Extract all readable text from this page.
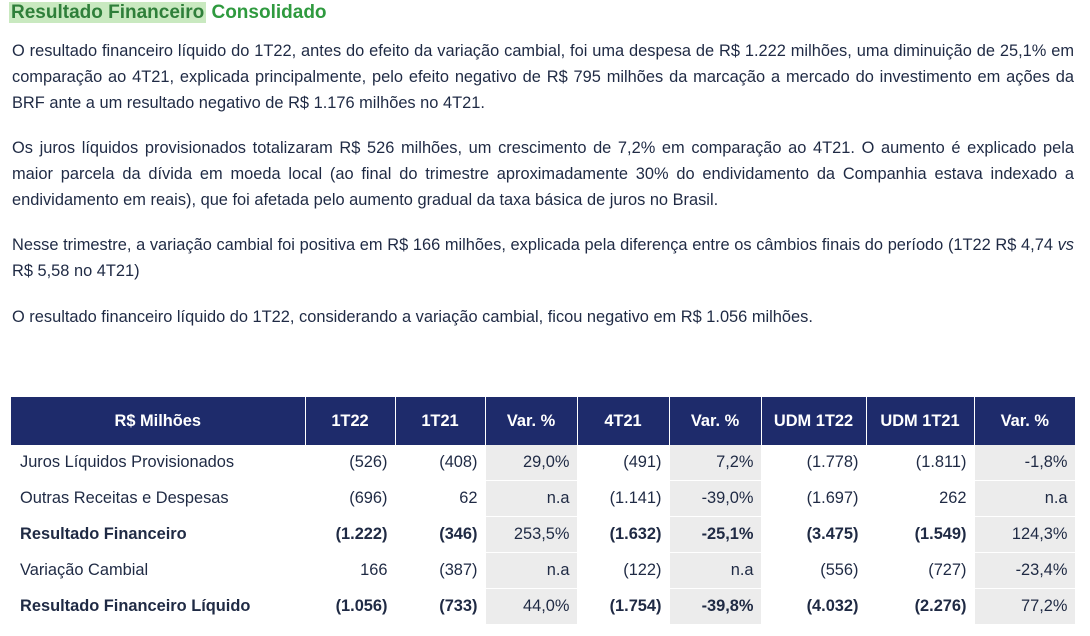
Resultado Financeiro Consolidado

O resultado financeiro líquido do 1T22, antes do efeito da variação cambial, foi uma despesa de R$ 1.222 milhões, uma diminuição de 25,1% em comparação ao 4T21, explicada principalmente, pelo efeito negativo de R$ 795 milhões da marcação a mercado do investimento em ações da BRF ante a um resultado negativo de R$ 1.176 milhões no 4T21.

Os juros líquidos provisionados totalizaram R$ 526 milhões, um crescimento de 7,2% em comparação ao 4T21. O aumento é explicado pela maior parcela da dívida em moeda local (ao final do trimestre aproximadamente 30% do endividamento da Companhia estava indexado a endividamento em reais), que foi afetada pelo aumento gradual da taxa básica de juros no Brasil.

Nesse trimestre, a variação cambial foi positiva em R$ 166 milhões, explicada pela diferença entre os câmbios finais do período (1T22 R$ 4,74 vs R$ 5,58 no 4T21)

O resultado financeiro líquido do 1T22, considerando a variação cambial, ficou negativo em R$ 1.056 milhões.

R$ Milhões	1T22	1T21	Var. %	4T21	Var. %	UDM 1T22	UDM 1T21	Var. %
Juros Líquidos Provisionados	(526)	(408)	29,0%	(491)	7,2%	(1.778)	(1.811)	-1,8%
Outras Receitas e Despesas	(696)	62	n.a	(1.141)	-39,0%	(1.697)	262	n.a
Resultado Financeiro	(1.222)	(346)	253,5%	(1.632)	-25,1%	(3.475)	(1.549)	124,3%
Variação Cambial	166	(387)	n.a	(122)	n.a	(556)	(727)	-23,4%
Resultado Financeiro Líquido	(1.056)	(733)	44,0%	(1.754)	-39,8%	(4.032)	(2.276)	77,2%
